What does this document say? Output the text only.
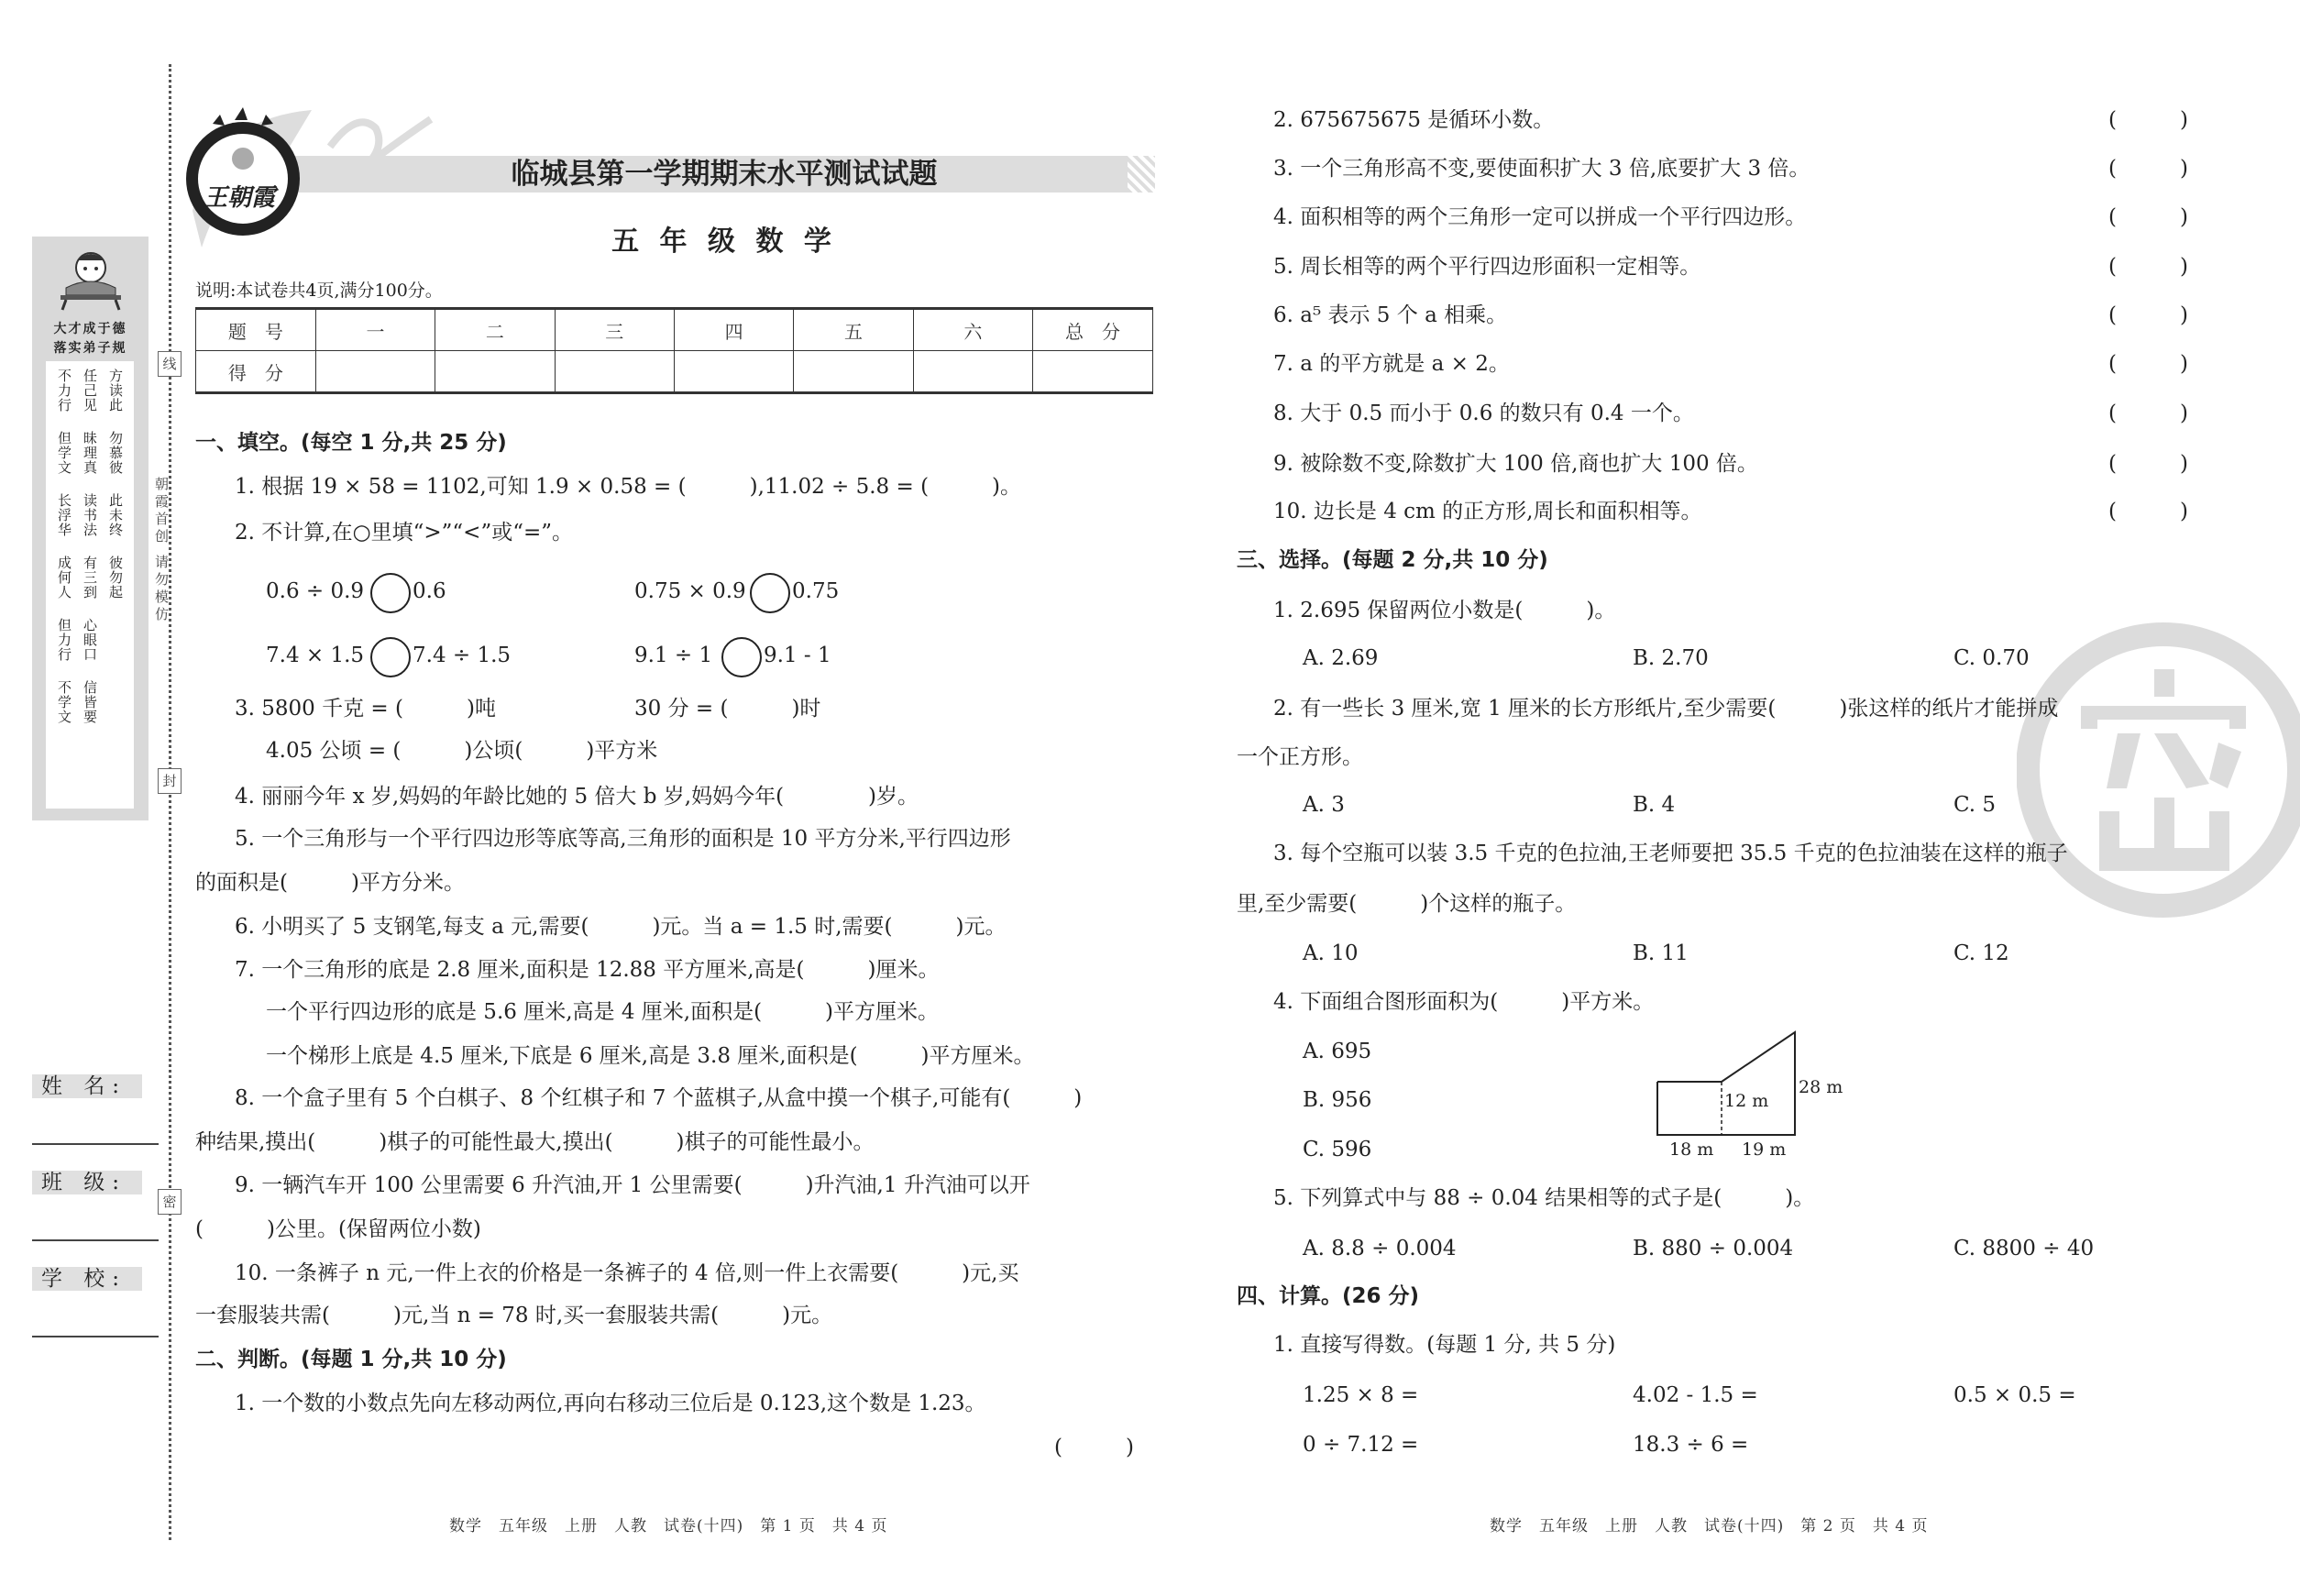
线
封
密
朝霞首创 请勿模仿
大才成于德
落实弟子规
方读此
任己见
不力行
勿慕彼
昧理真
但学文
此未终
读书法
长浮华
彼勿起
有三到
成何人
心眼口
但力行
信皆要
不学文
姓 名:
班 级:
学 校:
王朝霞
临城县第一学期期末水平测试试题
五 年 级 数 学
说明:本试卷共4页,满分100分。
题　号	一	二	三	四	五	六	总　分
得　分							
一、填空。(每空 1 分,共 25 分)
1. 根据 19 × 58 = 1102,可知 1.9 × 0.58 = (　　　),11.02 ÷ 5.8 = (　　　)。
2. 不计算,在○里填“>”“<”或“=”。
0.6 ÷ 0.9 0.6	0.75 × 0.9 0.75
7.4 × 1.5 7.4 ÷ 1.5	9.1 ÷ 1 9.1 - 1
3. 5800 千克 = (　　　)吨	30 分 = (　　　)时
4.05 公顷 = (　　　)公顷(　　　)平方米
4. 丽丽今年 x 岁,妈妈的年龄比她的 5 倍大 b 岁,妈妈今年(　　　　)岁。
5. 一个三角形与一个平行四边形等底等高,三角形的面积是 10 平方分米,平行四边形
的面积是(　　　)平方分米。
6. 小明买了 5 支钢笔,每支 a 元,需要(　　　)元。当 a = 1.5 时,需要(　　　)元。
7. 一个三角形的底是 2.8 厘米,面积是 12.88 平方厘米,高是(　　　)厘米。
一个平行四边形的底是 5.6 厘米,高是 4 厘米,面积是(　　　)平方厘米。
一个梯形上底是 4.5 厘米,下底是 6 厘米,高是 3.8 厘米,面积是(　　　)平方厘米。
8. 一个盒子里有 5 个白棋子、8 个红棋子和 7 个蓝棋子,从盒中摸一个棋子,可能有(　　　)
种结果,摸出(　　　)棋子的可能性最大,摸出(　　　)棋子的可能性最小。
9. 一辆汽车开 100 公里需要 6 升汽油,开 1 公里需要(　　　)升汽油,1 升汽油可以开
(　　　)公里。(保留两位小数)
10. 一条裤子 n 元,一件上衣的价格是一条裤子的 4 倍,则一件上衣需要(　　　)元,买
一套服装共需(　　　)元,当 n = 78 时,买一套服装共需(　　　)元。
二、判断。(每题 1 分,共 10 分)
1. 一个数的小数点先向左移动两位,再向右移动三位后是 0.123,这个数是 1.23。
(　　　)
数学　五年级　上册　人教　试卷(十四)　第 1 页　共 4 页
2. 675675675 是循环小数。	(　　　)
3. 一个三角形高不变,要使面积扩大 3 倍,底要扩大 3 倍。	(　　　)
4. 面积相等的两个三角形一定可以拼成一个平行四边形。	(　　　)
5. 周长相等的两个平行四边形面积一定相等。	(　　　)
6. a⁵ 表示 5 个 a 相乘。	(　　　)
7. a 的平方就是 a × 2。	(　　　)
8. 大于 0.5 而小于 0.6 的数只有 0.4 一个。	(　　　)
9. 被除数不变,除数扩大 100 倍,商也扩大 100 倍。	(　　　)
10. 边长是 4 cm 的正方形,周长和面积相等。	(　　　)
三、选择。(每题 2 分,共 10 分)
1. 2.695 保留两位小数是(　　　)。
A. 2.69	B. 2.70	C. 0.70
2. 有一些长 3 厘米,宽 1 厘米的长方形纸片,至少需要(　　　)张这样的纸片才能拼成
一个正方形。
A. 3	B. 4	C. 5
3. 每个空瓶可以装 3.5 千克的色拉油,王老师要把 35.5 千克的色拉油装在这样的瓶子
里,至少需要(　　　)个这样的瓶子。
A. 10	B. 11	C. 12
4. 下面组合图形面积为(　　　)平方米。
A. 695
B. 956
C. 596
12 m
28 m
18 m 19 m
5. 下列算式中与 88 ÷ 0.04 结果相等的式子是(　　　)。
A. 8.8 ÷ 0.004	B. 880 ÷ 0.004	C. 8800 ÷ 40
四、计算。(26 分)
1. 直接写得数。(每题 1 分, 共 5 分)
1.25 × 8 =	4.02 - 1.5 =	0.5 × 0.5 =
0 ÷ 7.12 =	18.3 ÷ 6 =
数学　五年级　上册　人教　试卷(十四)　第 2 页　共 4 页
